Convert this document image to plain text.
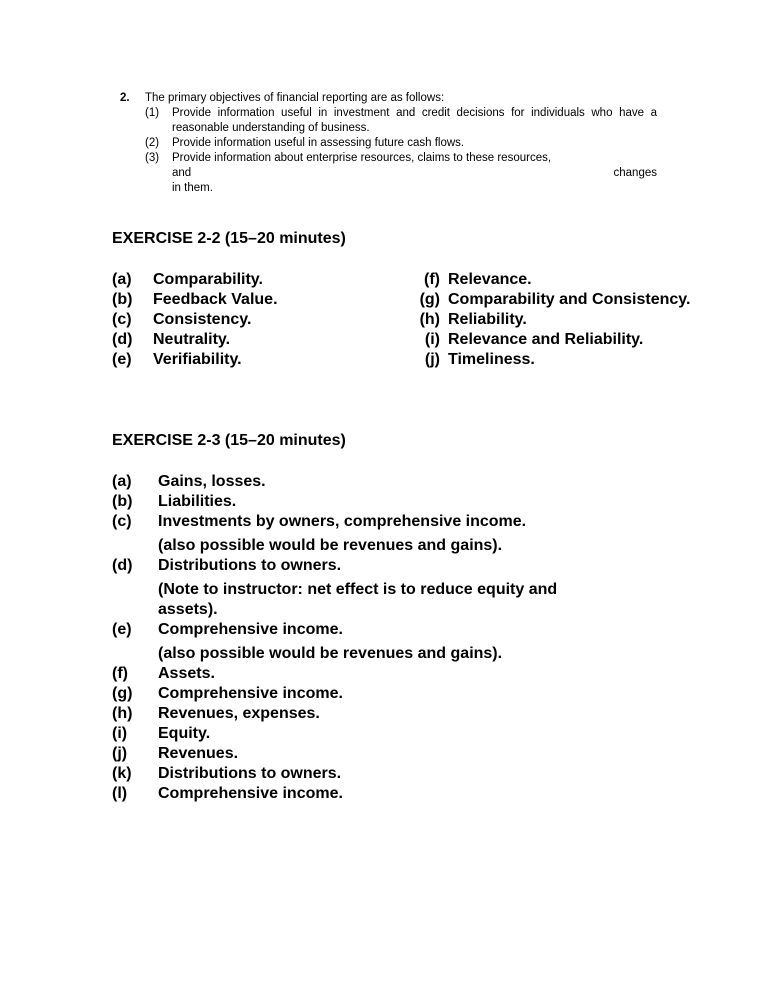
2. The primary objectives of financial reporting are as follows:
(1) Provide information useful in investment and credit decisions for individuals who have a reasonable understanding of business.
(2) Provide information useful in assessing future cash flows.
(3) Provide information about enterprise resources, claims to these resources,
and	changes
in them.
EXERCISE 2-2 (15–20 minutes)
(a) Comparability.
(b) Feedback Value.
(c) Consistency.
(d) Neutrality.
(e) Verifiability.
(f) Relevance.
(g) Comparability and Consistency.
(h) Reliability.
(i) Relevance and Reliability.
(j) Timeliness.
EXERCISE 2-3 (15–20 minutes)
(a) Gains, losses.
(b) Liabilities.
(c) Investments by owners, comprehensive income.
(also possible would be revenues and gains).
(d) Distributions to owners.
(Note to instructor: net effect is to reduce equity and
assets).
(e) Comprehensive income.
(also possible would be revenues and gains).
(f) Assets.
(g) Comprehensive income.
(h) Revenues, expenses.
(i) Equity.
(j) Revenues.
(k) Distributions to owners.
(l) Comprehensive income.
